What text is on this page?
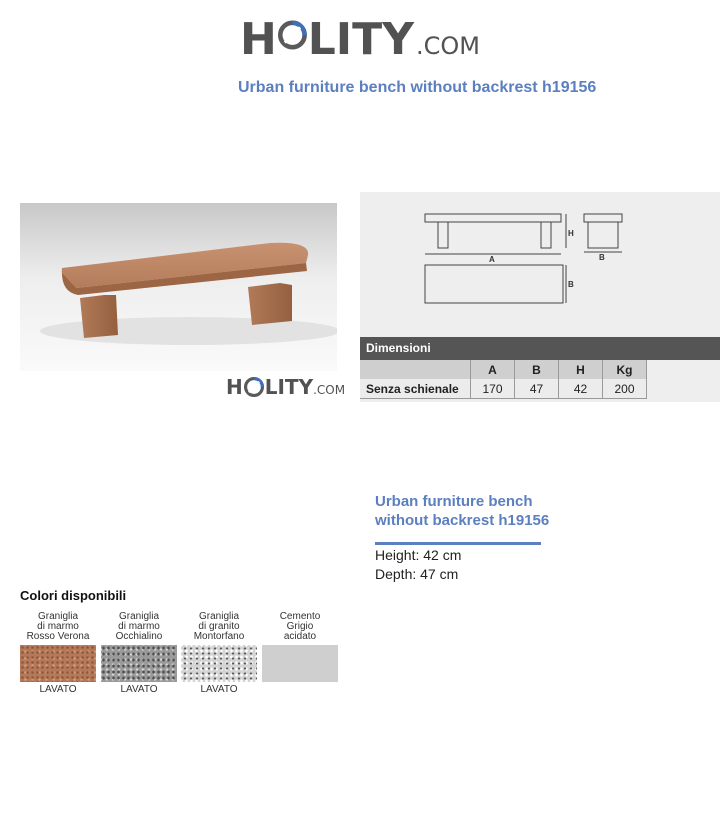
H LITY .COM
Urban furniture bench without backrest h19156
H LITY .COM
H
A	B
B
Dimensioni
	A	B	H	Kg
Senza schienale	170	47	42	200
Urban furniture bench
without backrest h19156
Height: 42 cm
Depth: 47 cm
Colori disponibili
Graniglia
di marmo
Rosso Verona
LAVATO
Graniglia
di marmo
Occhialino
LAVATO
Graniglia
di granito
Montorfano
LAVATO
Cemento
Grigio
acidato
